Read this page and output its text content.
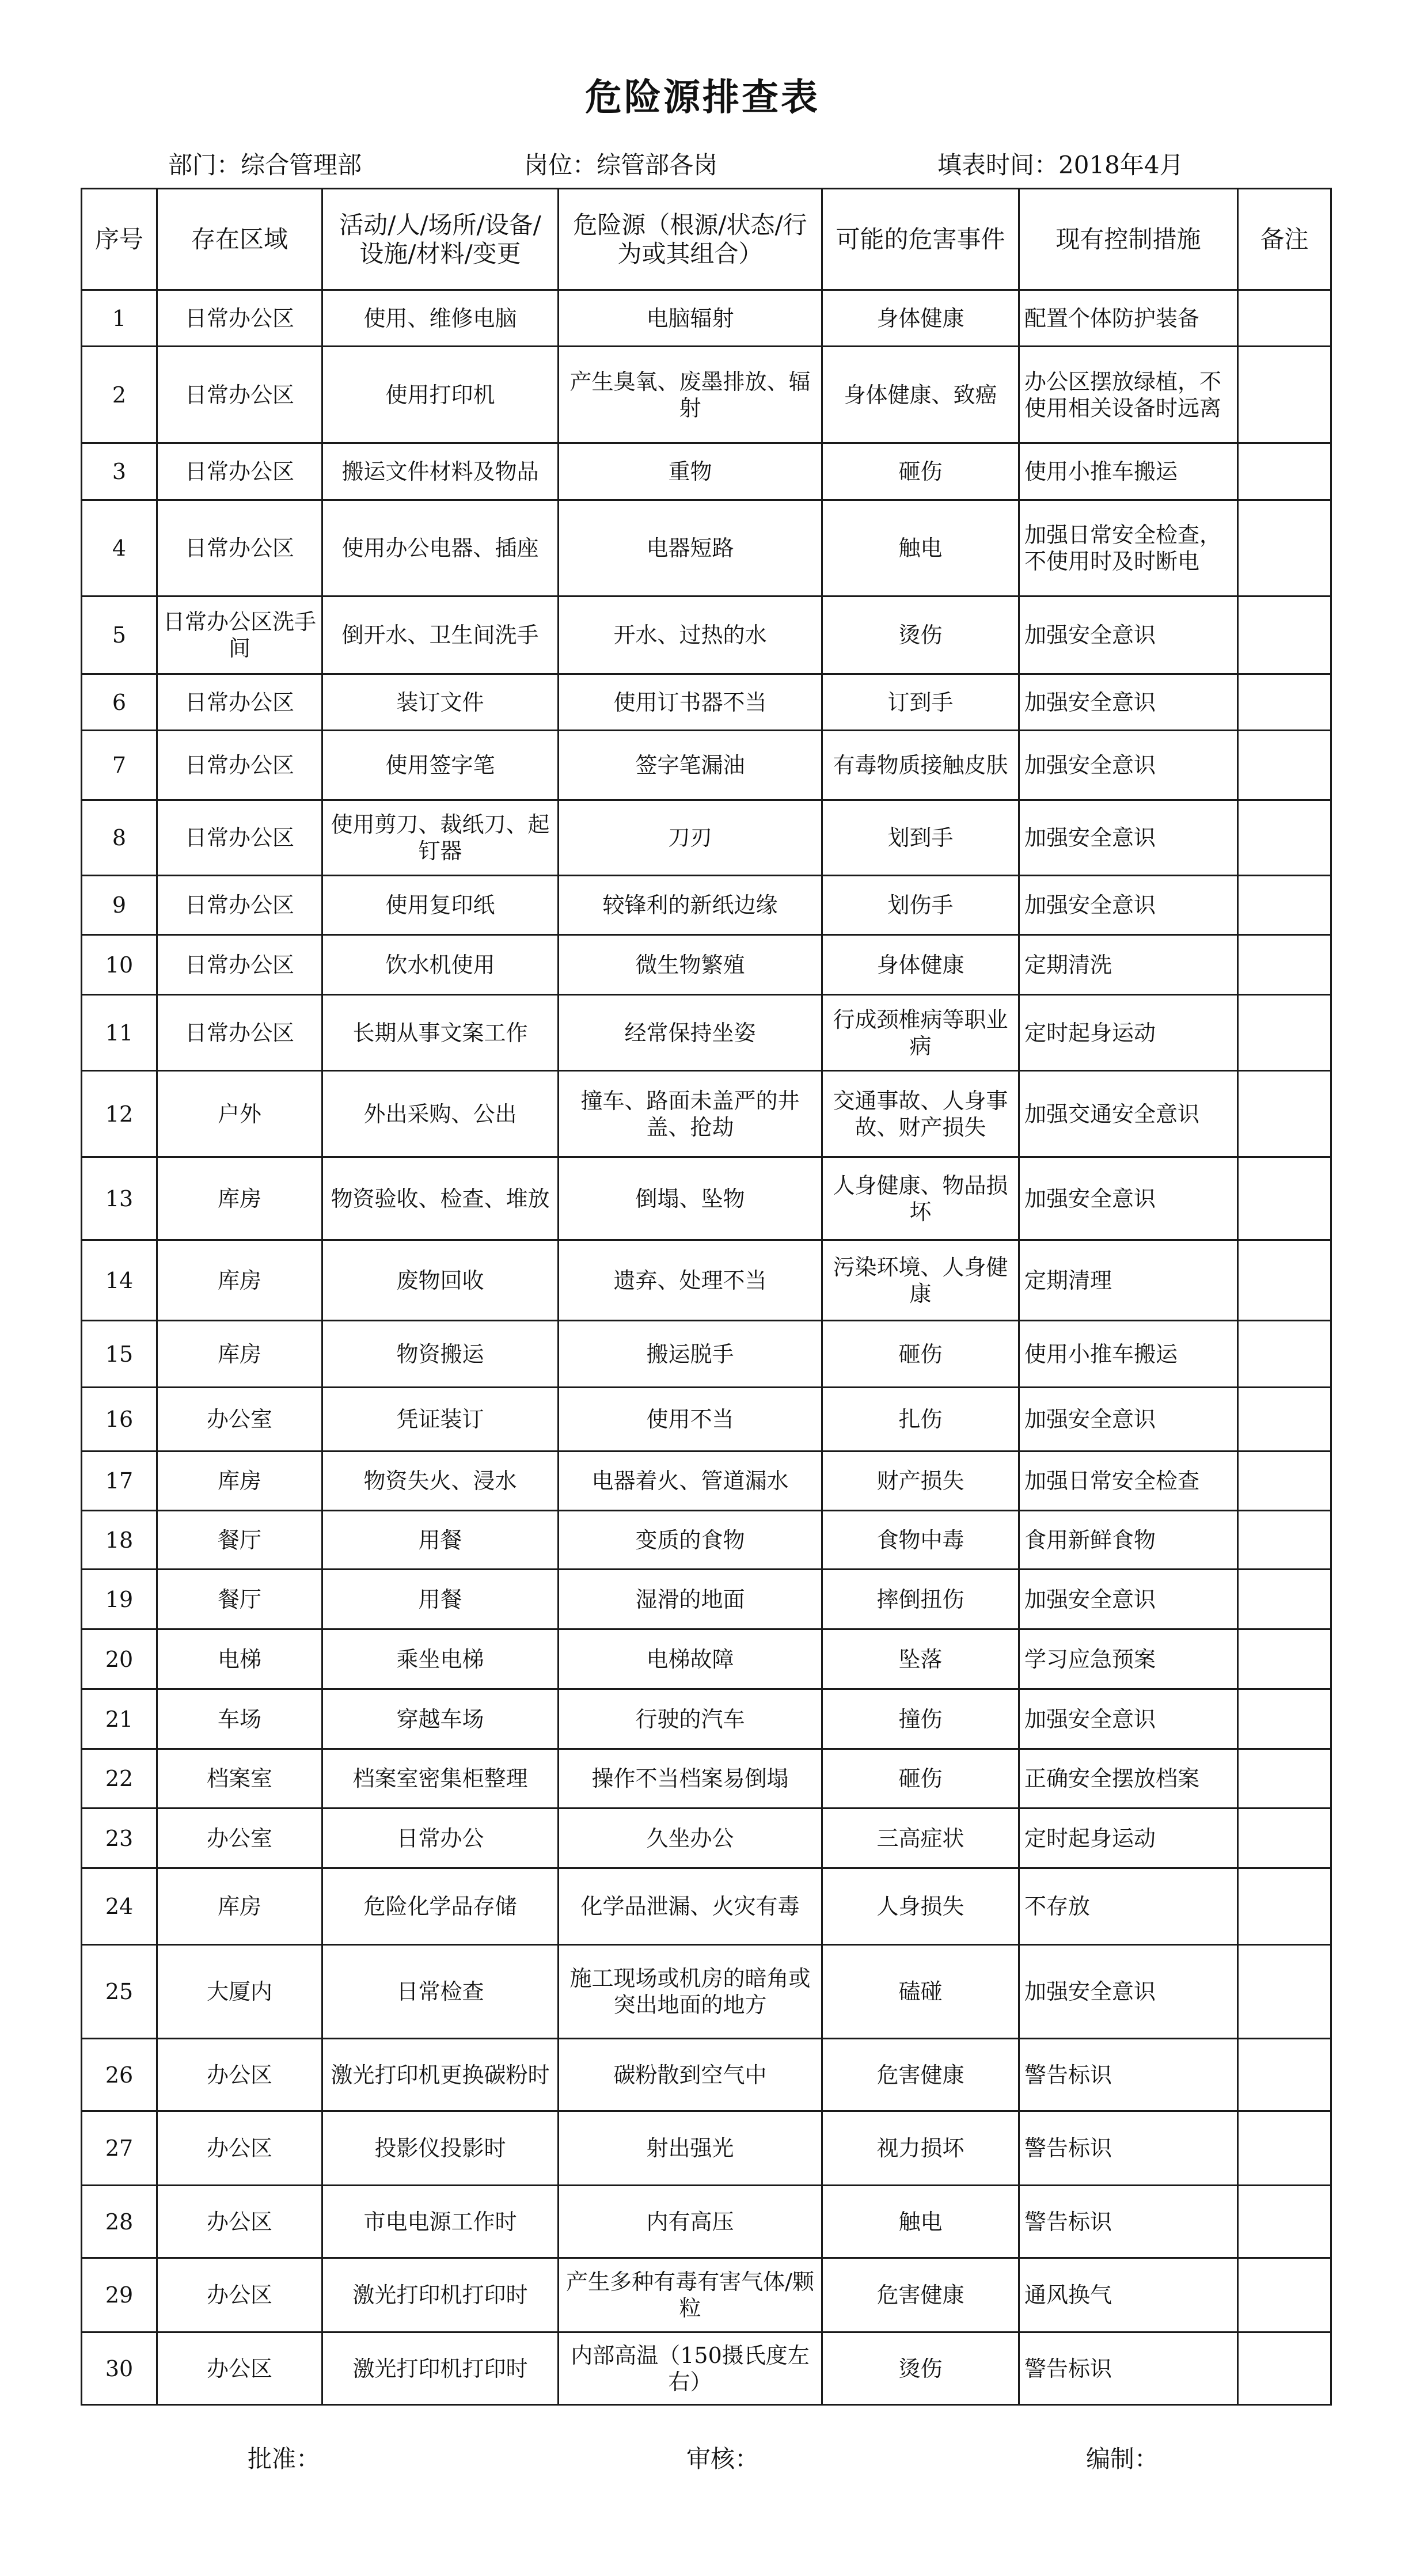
危险源排查表
部门：综合管理部	岗位：综管部各岗	填表时间：2018年4月
序号	存在区域	活动/人/场所/设备/设施/材料/变更	危险源（根源/状态/行为或其组合）	可能的危害事件	现有控制措施	备注
1	日常办公区	使用、维修电脑	电脑辐射	身体健康	配置个体防护装备	
2	日常办公区	使用打印机	产生臭氧、废墨排放、辐射	身体健康、致癌	办公区摆放绿植，不使用相关设备时远离	
3	日常办公区	搬运文件材料及物品	重物	砸伤	使用小推车搬运	
4	日常办公区	使用办公电器、插座	电器短路	触电	加强日常安全检查，不使用时及时断电	
5	日常办公区洗手间	倒开水、卫生间洗手	开水、过热的水	烫伤	加强安全意识	
6	日常办公区	装订文件	使用订书器不当	订到手	加强安全意识	
7	日常办公区	使用签字笔	签字笔漏油	有毒物质接触皮肤	加强安全意识	
8	日常办公区	使用剪刀、裁纸刀、起钉器	刀刃	划到手	加强安全意识	
9	日常办公区	使用复印纸	较锋利的新纸边缘	划伤手	加强安全意识	
10	日常办公区	饮水机使用	微生物繁殖	身体健康	定期清洗	
11	日常办公区	长期从事文案工作	经常保持坐姿	行成颈椎病等职业病	定时起身运动	
12	户外	外出采购、公出	撞车、路面未盖严的井盖、抢劫	交通事故、人身事故、财产损失	加强交通安全意识	
13	库房	物资验收、检查、堆放	倒塌、坠物	人身健康、物品损坏	加强安全意识	
14	库房	废物回收	遗弃、处理不当	污染环境、人身健康	定期清理	
15	库房	物资搬运	搬运脱手	砸伤	使用小推车搬运	
16	办公室	凭证装订	使用不当	扎伤	加强安全意识	
17	库房	物资失火、浸水	电器着火、管道漏水	财产损失	加强日常安全检查	
18	餐厅	用餐	变质的食物	食物中毒	食用新鲜食物	
19	餐厅	用餐	湿滑的地面	摔倒扭伤	加强安全意识	
20	电梯	乘坐电梯	电梯故障	坠落	学习应急预案	
21	车场	穿越车场	行驶的汽车	撞伤	加强安全意识	
22	档案室	档案室密集柜整理	操作不当档案易倒塌	砸伤	正确安全摆放档案	
23	办公室	日常办公	久坐办公	三高症状	定时起身运动	
24	库房	危险化学品存储	化学品泄漏、火灾有毒	人身损失	不存放	
25	大厦内	日常检查	施工现场或机房的暗角或突出地面的地方	磕碰	加强安全意识	
26	办公区	激光打印机更换碳粉时	碳粉散到空气中	危害健康	警告标识	
27	办公区	投影仪投影时	射出强光	视力损坏	警告标识	
28	办公区	市电电源工作时	内有高压	触电	警告标识	
29	办公区	激光打印机打印时	产生多种有毒有害气体/颗粒	危害健康	通风换气	
30	办公区	激光打印机打印时	内部高温（150摄氏度左右）	烫伤	警告标识	
批准：	审核：	编制：
